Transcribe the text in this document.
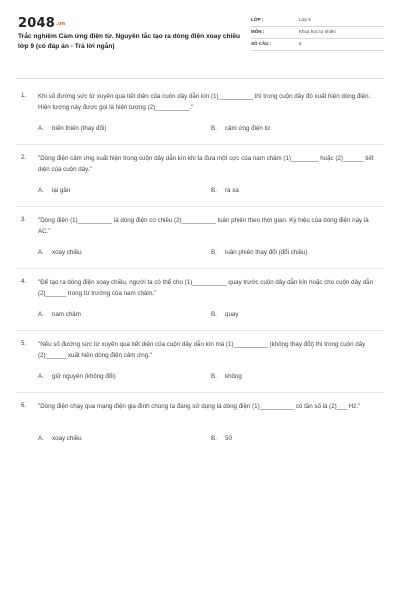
2048.vn
Trắc nghiệm Cảm ứng điện từ. Nguyên tắc tạo ra dòng điện xoay chiều lớp 9 (có đáp án - Trả lời ngắn)
LỚP :	Lớp 9
MÔN :	Khoa học tự nhiên
SỐ CÂU :	6
1. Khi số đường sức từ xuyên qua tiết diện của cuộn dây dẫn kín (1)__________ thì trong cuộn dây đó xuất hiện dòng điện. Hiện tượng này được gọi là hiện tượng (2)__________."
A. biến thiên (thay đổi)	B. cảm ứng điện từ
2. "Dòng điện cảm ứng xuất hiện trong cuộn dây dẫn kín khi ta đưa một cực của nam châm (1)________ hoặc (2)______ tiết diện của cuộn dây."
A. lại gần	B. ra xa
3. "Dòng điện (1)__________ là dòng điện có chiều (2)__________ luân phiên theo thời gian. Ký hiệu của dòng điện này là AC."
A. xoay chiều	B. luân phiên thay đổi (đổi chiều)
4. "Để tạo ra dòng điện xoay chiều, người ta có thể cho (1)__________ quay trước cuộn dây dẫn kín hoặc cho cuộn dây dẫn (2)______ trong từ trường của nam châm."
A. nam châm	B. quay
5. "Nếu số đường sức từ xuyên qua tiết diện của cuộn dây dẫn kín mà (1)__________ (không thay đổi) thì trong cuộn dây (2)______ xuất hiện dòng điện cảm ứng."
A. giữ nguyên (không đổi)	B. không
6. "Dòng điện chạy qua mạng điện gia đình chúng ta đang sử dụng là dòng điện (1)__________ có tần số là (2)___ Hz."
A. xoay chiều	B. 50
